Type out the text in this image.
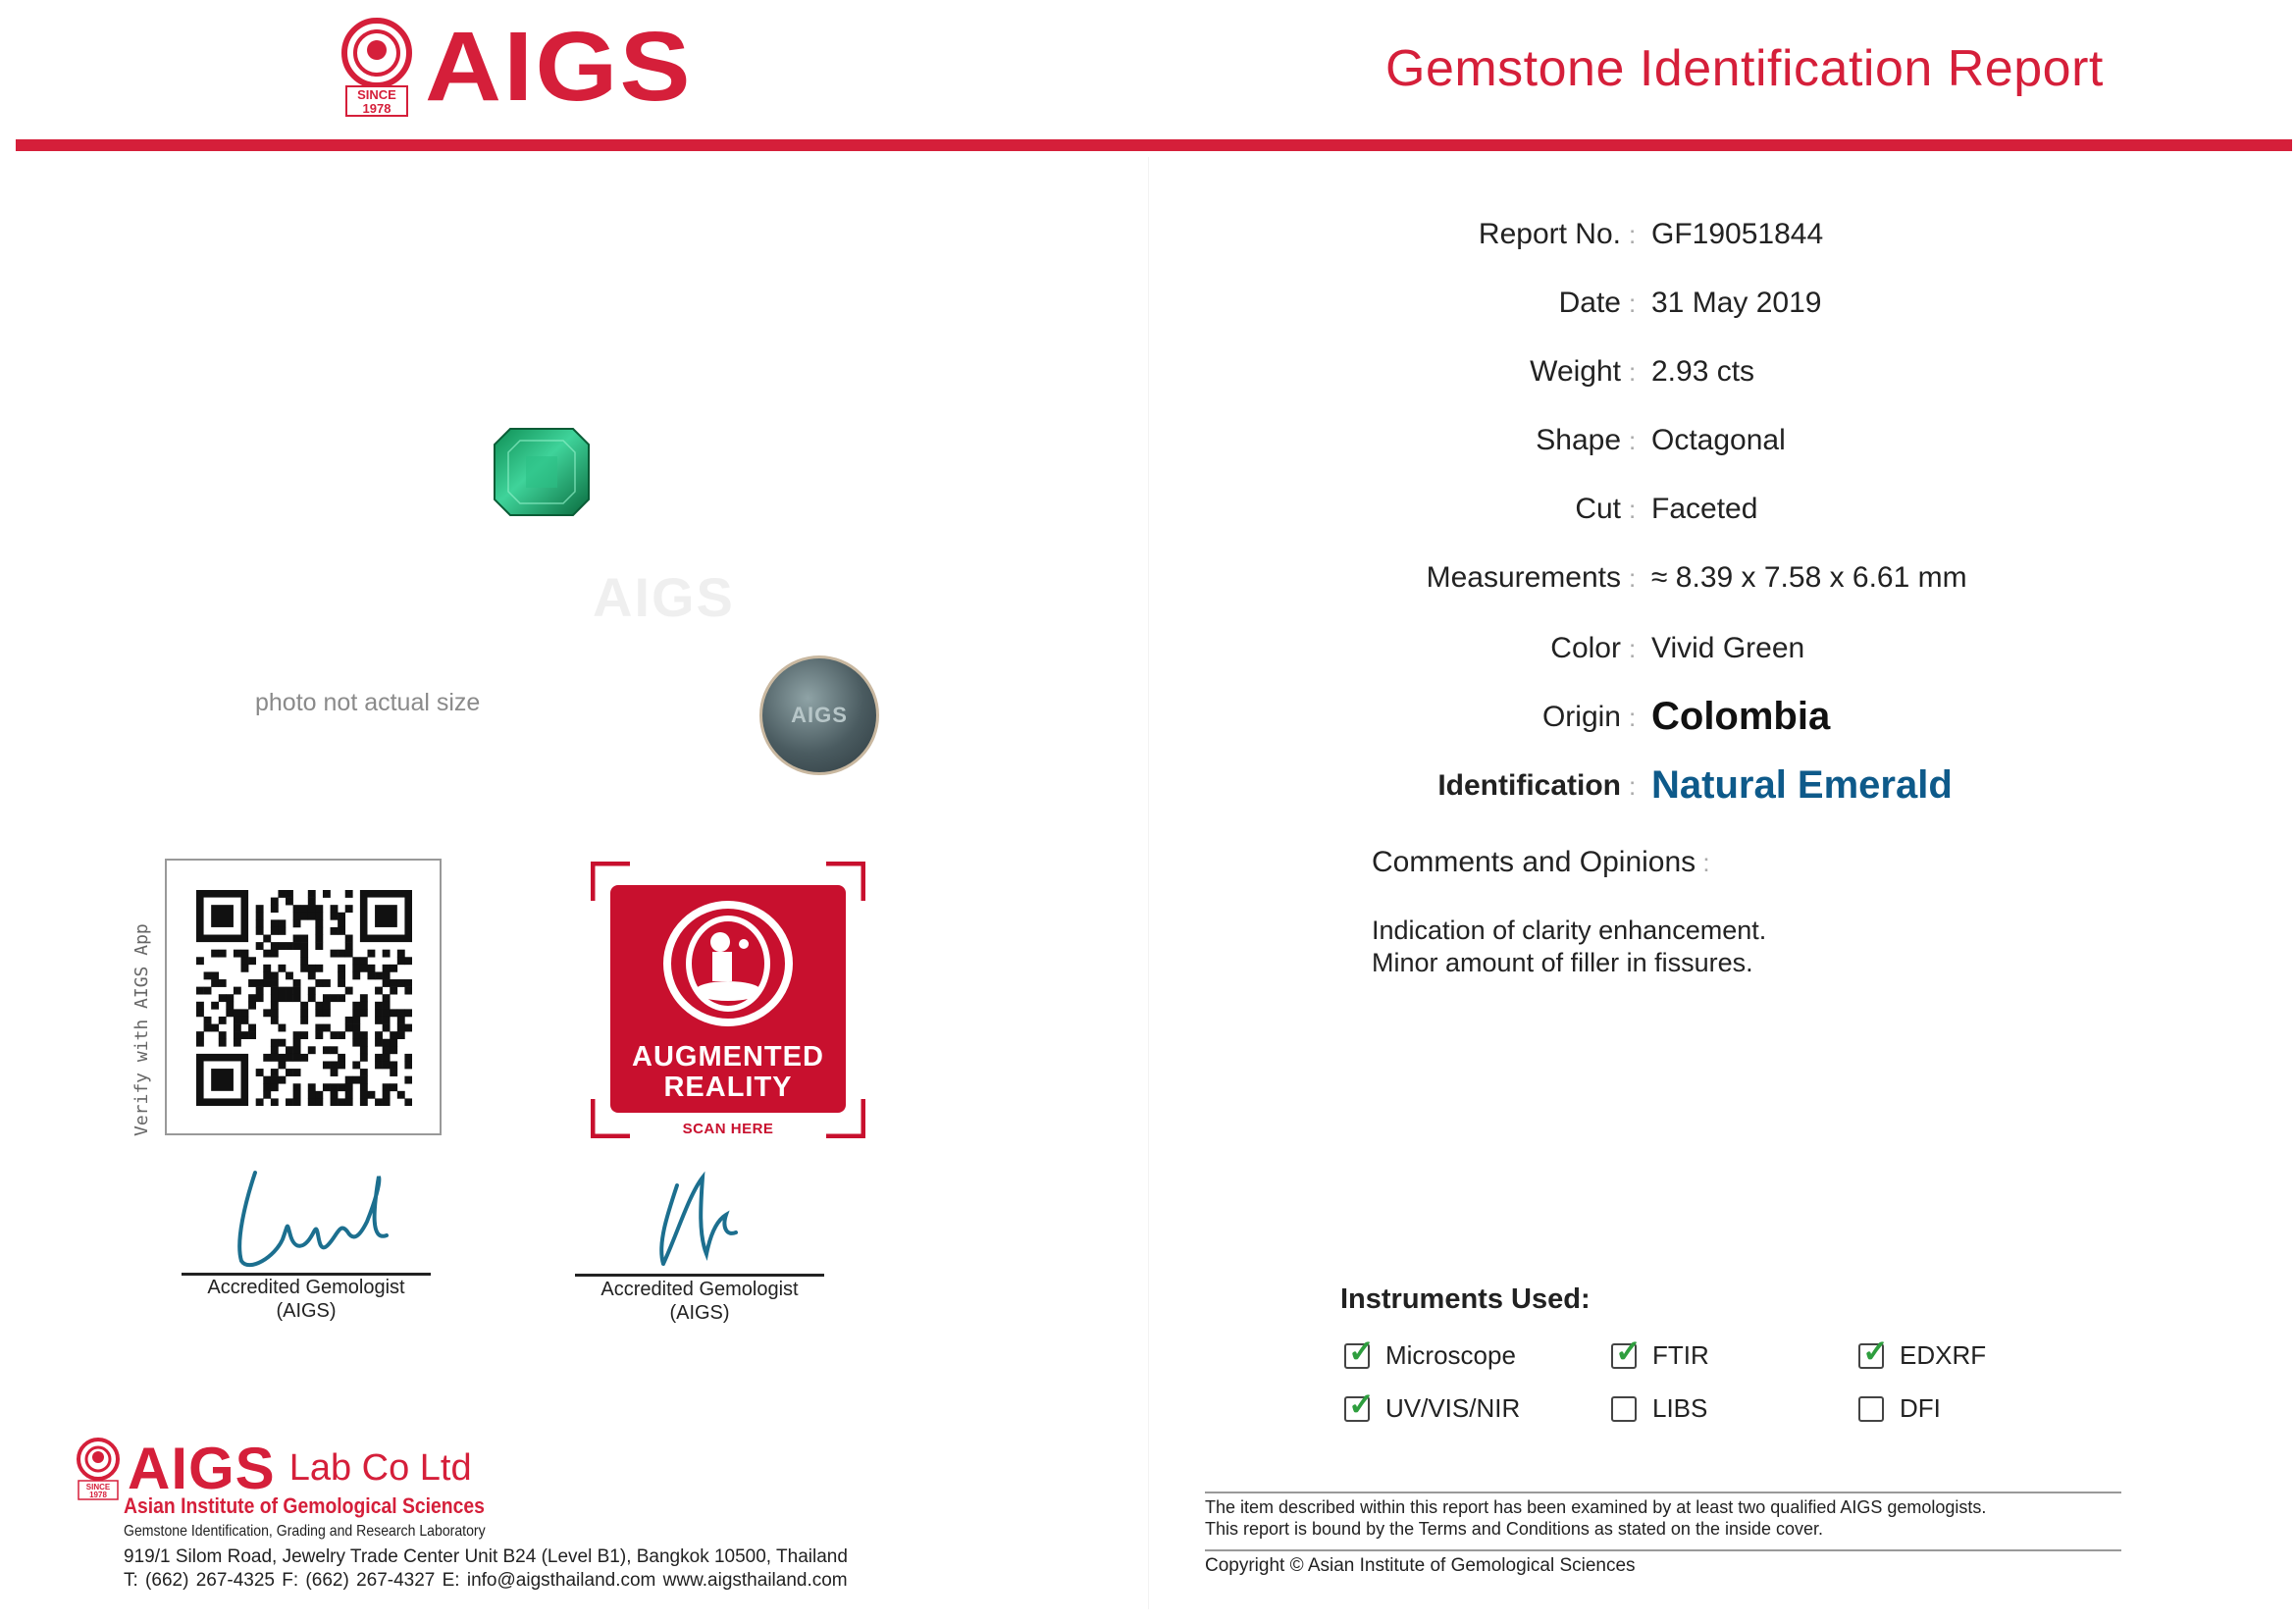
SINCE
1978 AIGS	Gemstone Identification Report
AIGS
photo not actual size	AIGS
Verify with AIGS App	AUGMENTED
REALITY
SCAN HERE
Accredited Gemologist
(AIGS)
Accredited Gemologist
(AIGS)
SINCE
1978 AIGS Lab Co Ltd
Asian Institute of Gemological Sciences
Gemstone Identification, Grading and Research Laboratory
919/1 Silom Road, Jewelry Trade Center Unit B24 (Level B1), Bangkok 10500, Thailand
T: (662) 267-4325 F: (662) 267-4327 E: info@aigsthailand.com www.aigsthailand.com
Report No. : GF19051844
Date : 31 May 2019
Weight : 2.93 cts
Shape : Octagonal
Cut : Faceted
Measurements : ≈ 8.39 x 7.58 x 6.61 mm
Color : Vivid Green
Origin : Colombia
Identification : Natural Emerald
Comments and Opinions :
Indication of clarity enhancement.
Minor amount of filler in fissures.
Instruments Used:
✓ Microscope	✓ FTIR	✓ EDXRF
✓ UV/VIS/NIR	LIBS	DFI
The item described within this report has been examined by at least two qualified AIGS gemologists.
This report is bound by the Terms and Conditions as stated on the inside cover.
Copyright © Asian Institute of Gemological Sciences
